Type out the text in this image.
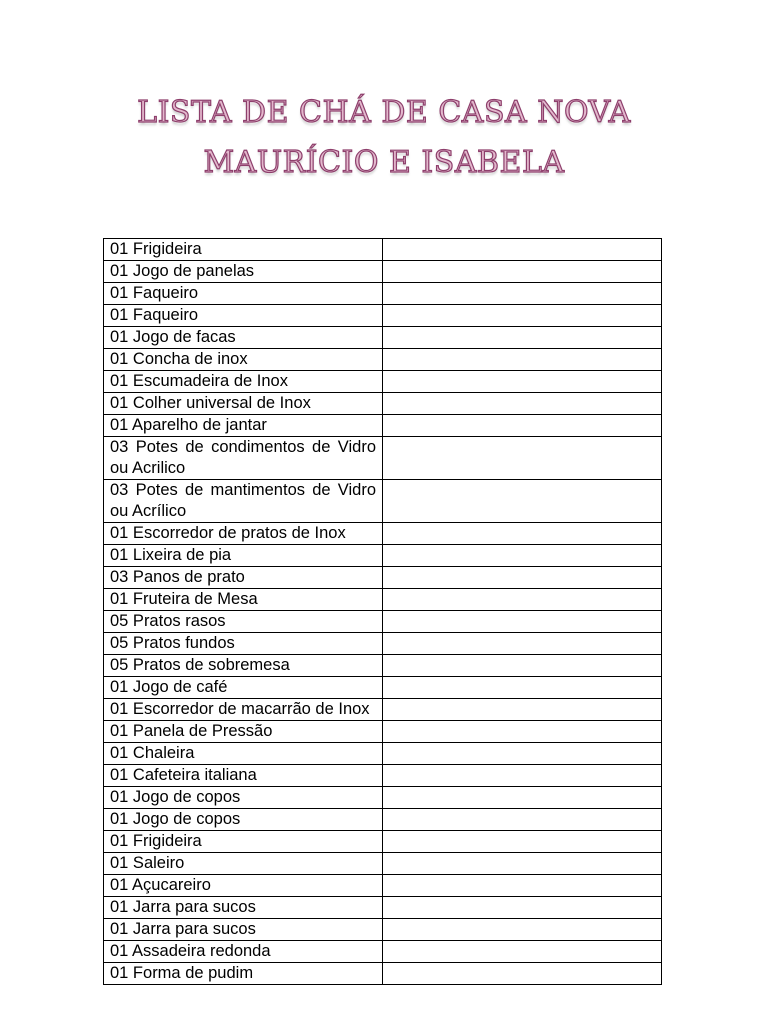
LISTA DE CHÁ DE CASA NOVA
MAURÍCIO E ISABELA
01 Frigideira	
01 Jogo de panelas	
01 Faqueiro	
01 Faqueiro	
01 Jogo de facas	
01 Concha de inox	
01 Escumadeira de Inox	
01 Colher universal de Inox	
01 Aparelho de jantar	
03 Potes de condimentos de Vidro ou Acrilico	
03 Potes de mantimentos de Vidro ou Acrílico	
01 Escorredor de pratos de Inox	
01 Lixeira de pia	
03 Panos de prato	
01 Fruteira de Mesa	
05 Pratos rasos	
05 Pratos fundos	
05 Pratos de sobremesa	
01 Jogo de café	
01 Escorredor de macarrão de Inox	
01 Panela de Pressão	
01 Chaleira	
01 Cafeteira italiana	
01 Jogo de copos	
01 Jogo de copos	
01 Frigideira	
01 Saleiro	
01 Açucareiro	
01 Jarra para sucos	
01 Jarra para sucos	
01 Assadeira redonda	
01 Forma de pudim	
